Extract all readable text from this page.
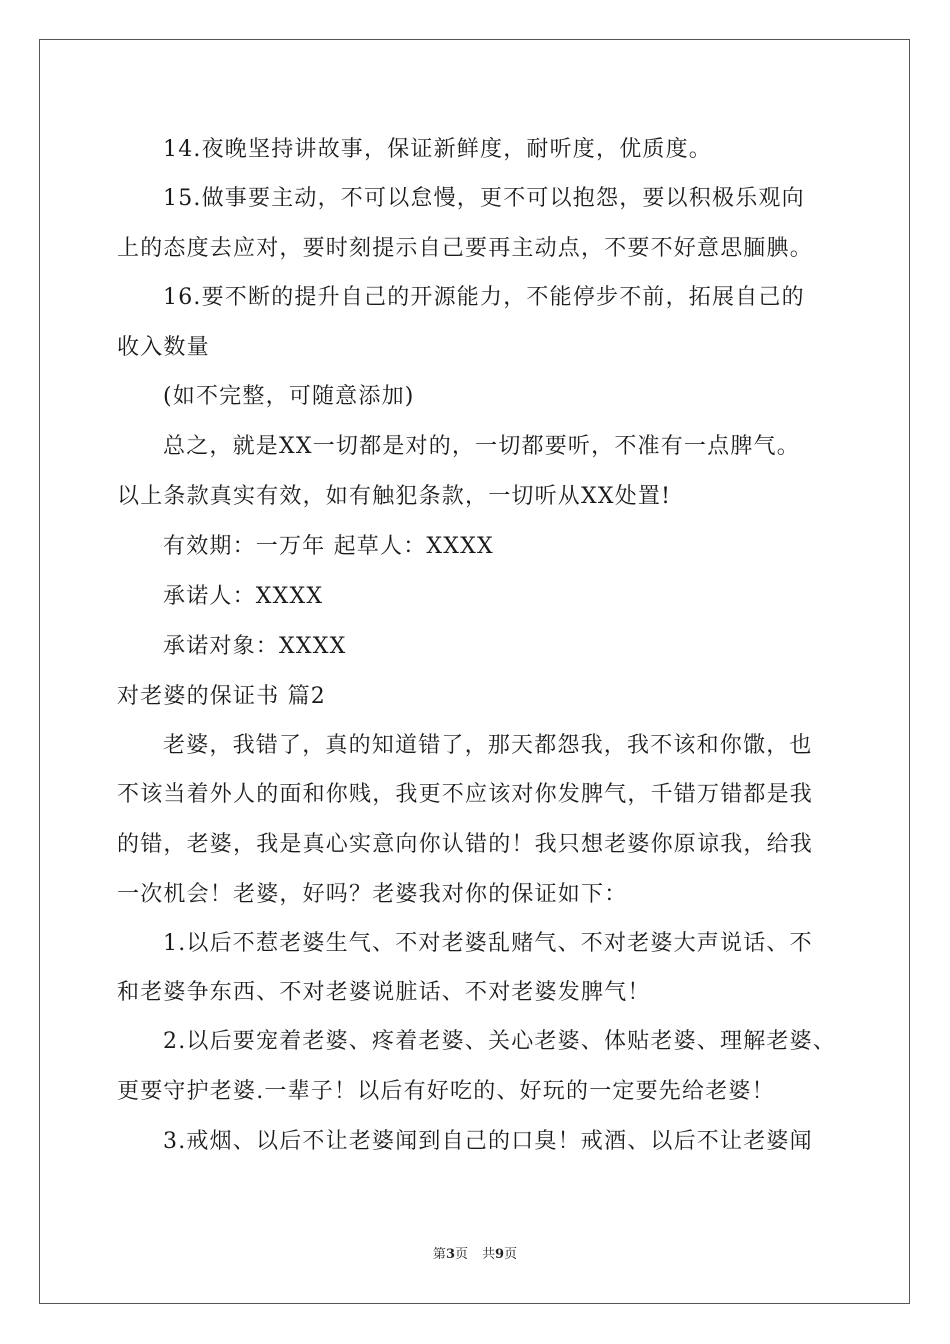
14.夜晚坚持讲故事，保证新鲜度，耐听度，优质度。
15.做事要主动，不可以怠慢，更不可以抱怨，要以积极乐观向
上的态度去应对，要时刻提示自己要再主动点，不要不好意思腼腆。
16.要不断的提升自己的开源能力，不能停步不前，拓展自己的
收入数量
(如不完整，可随意添加)
总之，就是XX一切都是对的，一切都要听，不准有一点脾气。
以上条款真实有效，如有触犯条款，一切听从XX处置!
有效期：一万年 起草人：XXXX
承诺人：XXXX
承诺对象：XXXX
对老婆的保证书 篇2
老婆，我错了，真的知道错了，那天都怨我，我不该和你馓，也
不该当着外人的面和你贱，我更不应该对你发脾气，千错万错都是我
的错，老婆，我是真心实意向你认错的！我只想老婆你原谅我，给我
一次机会！老婆，好吗？老婆我对你的保证如下：
1.以后不惹老婆生气、不对老婆乱赌气、不对老婆大声说话、不
和老婆争东西、不对老婆说脏话、不对老婆发脾气！
2.以后要宠着老婆、疼着老婆、关心老婆、体贴老婆、理解老婆、
更要守护老婆.一辈子！以后有好吃的、好玩的一定要先给老婆！
3.戒烟、以后不让老婆闻到自己的口臭！戒酒、以后不让老婆闻
第3页 共9页
